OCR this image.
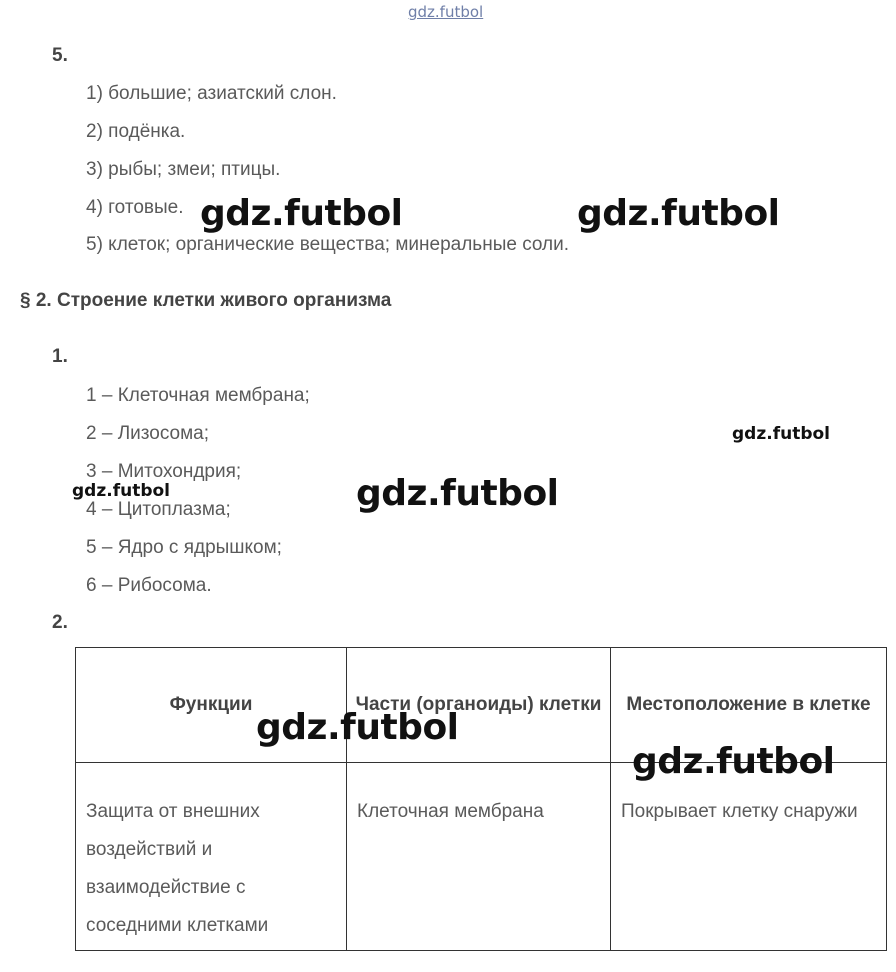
gdz.futbol
5.
1) большие; азиатский слон.
2) подёнка.
3) рыбы; змеи; птицы.
4) готовые.
5) клеток; органические вещества; минеральные соли.
§ 2. Строение клетки живого организма
1.
1 – Клеточная мембрана;
2 – Лизосома;
3 – Митохондрия;
4 – Цитоплазма;
5 – Ядро с ядрышком;
6 – Рибосома.
2.
Функции	Части (органоиды) клетки	Местоположение в клетке
Защита от внешних воздействий и взаимодействие с соседними клетками	Клеточная мембрана	Покрывает клетку снаружи
gdz.futbol	gdz.futbol
gdz.futbol
gdz.futbol
gdz.futbol
gdz.futbol
gdz.futbol
